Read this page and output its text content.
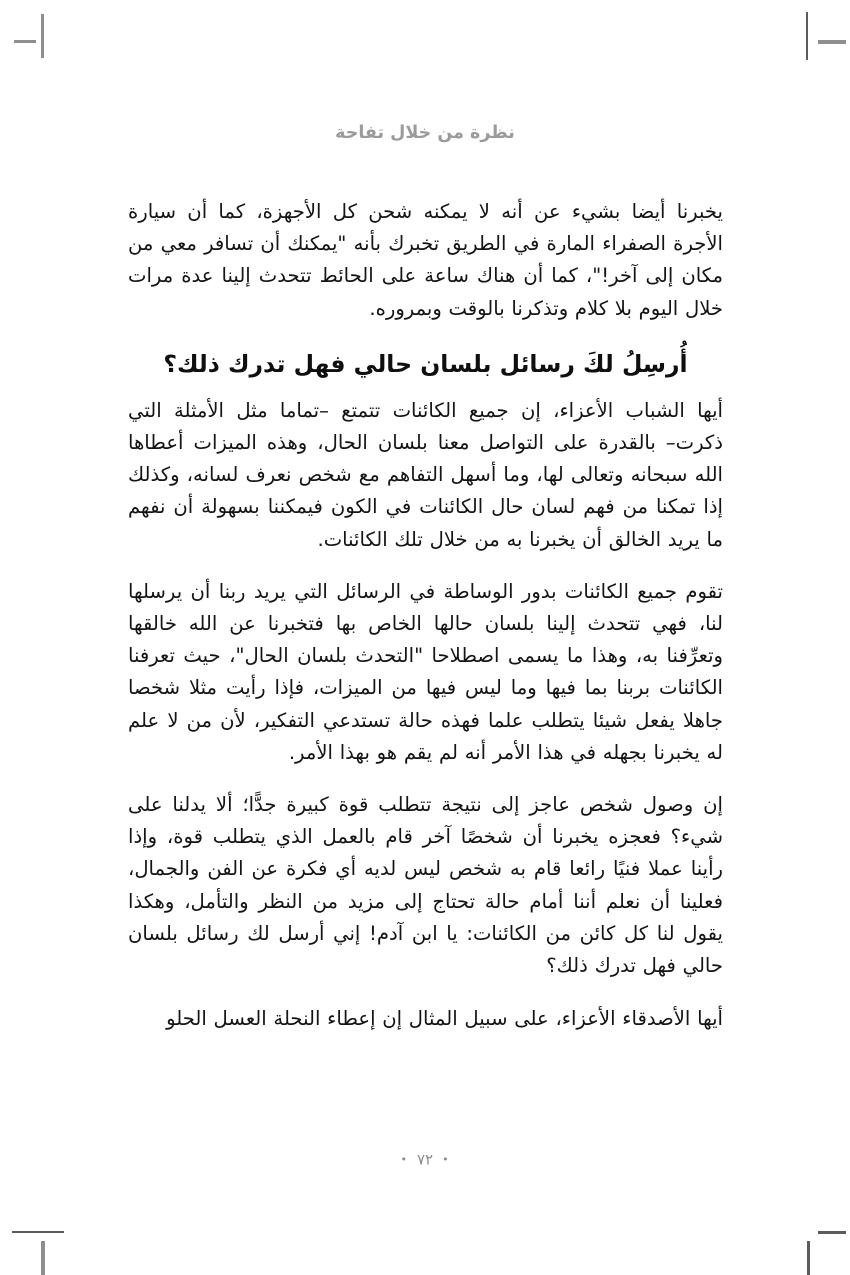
نظرة من خلال تفاحة

يخبرنا أيضا بشيء عن أنه لا يمكنه شحن كل الأجهزة، كما أن سيارة الأجرة الصفراء المارة في الطريق تخبرك بأنه "يمكنك أن تسافر معي من مكان إلى آخر!"، كما أن هناك ساعة على الحائط تتحدث إلينا عدة مرات خلال اليوم بلا كلام وتذكرنا بالوقت وبمروره.

أُرسِلُ لكَ رسائل بلسان حالي فهل تدرك ذلك؟

أيها الشباب الأعزاء، إن جميع الكائنات تتمتع –تماما مثل الأمثلة التي ذكرت– بالقدرة على التواصل معنا بلسان الحال، وهذه الميزات أعطاها الله سبحانه وتعالى لها، وما أسهل التفاهم مع شخص نعرف لسانه، وكذلك إذا تمكنا من فهم لسان حال الكائنات في الكون فيمكننا بسهولة أن نفهم ما يريد الخالق أن يخبرنا به من خلال تلك الكائنات.

تقوم جميع الكائنات بدور الوساطة في الرسائل التي يريد ربنا أن يرسلها لنا، فهي تتحدث إلينا بلسان حالها الخاص بها فتخبرنا عن الله خالقها وتعرِّفنا به، وهذا ما يسمى اصطلاحا "التحدث بلسان الحال"، حيث تعرفنا الكائنات بربنا بما فيها وما ليس فيها من الميزات، فإذا رأيت مثلا شخصا جاهلا يفعل شيئا يتطلب علما فهذه حالة تستدعي التفكير، لأن من لا علم له يخبرنا بجهله في هذا الأمر أنه لم يقم هو بهذا الأمر.

إن وصول شخص عاجز إلى نتيجة تتطلب قوة كبيرة جدًّا؛ ألا يدلنا على شيء؟ فعجزه يخبرنا أن شخصًا آخر قام بالعمل الذي يتطلب قوة، وإذا رأينا عملا فنيًا رائعا قام به شخص ليس لديه أي فكرة عن الفن والجمال، فعلينا أن نعلم أننا أمام حالة تحتاج إلى مزيد من النظر والتأمل، وهكذا يقول لنا كل كائن من الكائنات: يا ابن آدم! إني أرسل لك رسائل بلسان حالي فهل تدرك ذلك؟

أيها الأصدقاء الأعزاء، على سبيل المثال إن إعطاء النحلة العسل الحلو

•٧٢•
